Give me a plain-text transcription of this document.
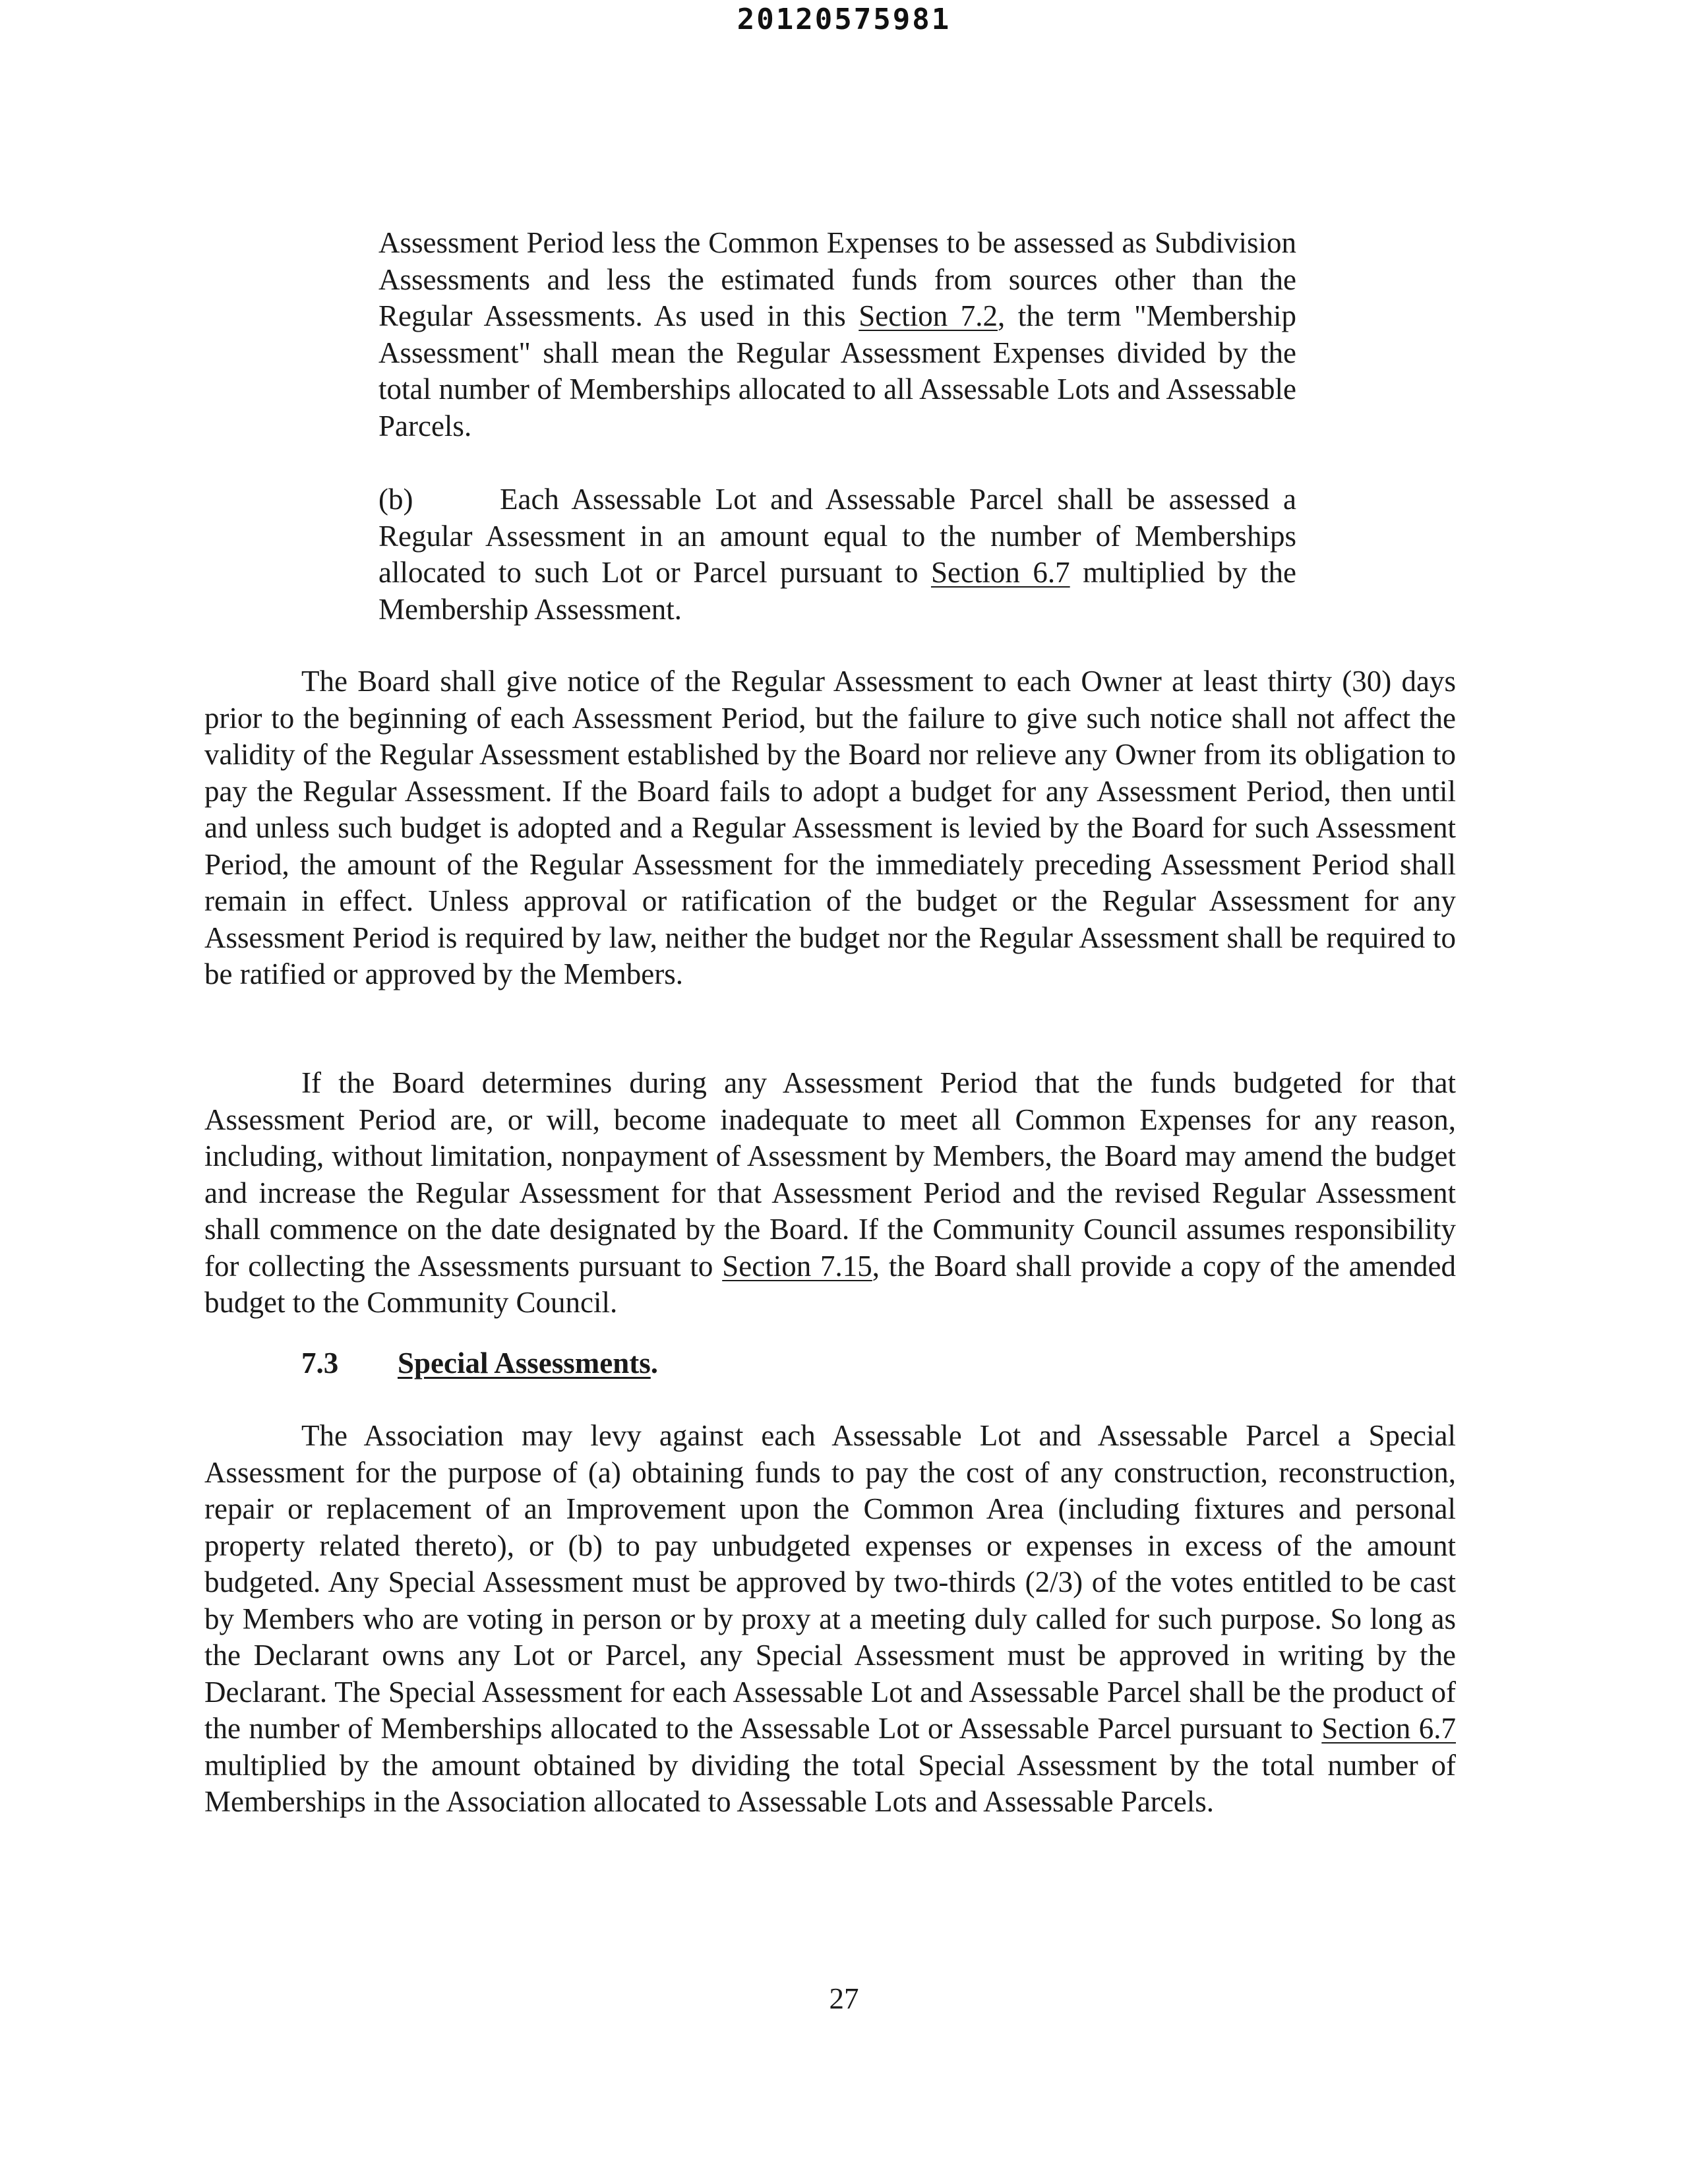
20120575981

Assessment Period less the Common Expenses to be assessed as Subdivision Assessments and less the estimated funds from sources other than the Regular Assessments. As used in this Section 7.2, the term "Membership Assessment" shall mean the Regular Assessment Expenses divided by the total number of Memberships allocated to all Assessable Lots and Assessable Parcels.

(b)	Each Assessable Lot and Assessable Parcel shall be assessed a Regular Assessment in an amount equal to the number of Memberships allocated to such Lot or Parcel pursuant to Section 6.7 multiplied by the Membership Assessment.

The Board shall give notice of the Regular Assessment to each Owner at least thirty (30) days prior to the beginning of each Assessment Period, but the failure to give such notice shall not affect the validity of the Regular Assessment established by the Board nor relieve any Owner from its obligation to pay the Regular Assessment. If the Board fails to adopt a budget for any Assessment Period, then until and unless such budget is adopted and a Regular Assessment is levied by the Board for such Assessment Period, the amount of the Regular Assessment for the immediately preceding Assessment Period shall remain in effect. Unless approval or ratification of the budget or the Regular Assessment for any Assessment Period is required by law, neither the budget nor the Regular Assessment shall be required to be ratified or approved by the Members.

If the Board determines during any Assessment Period that the funds budgeted for that Assessment Period are, or will, become inadequate to meet all Common Expenses for any reason, including, without limitation, nonpayment of Assessment by Members, the Board may amend the budget and increase the Regular Assessment for that Assessment Period and the revised Regular Assessment shall commence on the date designated by the Board. If the Community Council assumes responsibility for collecting the Assessments pursuant to Section 7.15, the Board shall provide a copy of the amended budget to the Community Council.

7.3 Special Assessments.

The Association may levy against each Assessable Lot and Assessable Parcel a Special Assessment for the purpose of (a) obtaining funds to pay the cost of any construction, reconstruction, repair or replacement of an Improvement upon the Common Area (including fixtures and personal property related thereto), or (b) to pay unbudgeted expenses or expenses in excess of the amount budgeted. Any Special Assessment must be approved by two-thirds (2/3) of the votes entitled to be cast by Members who are voting in person or by proxy at a meeting duly called for such purpose. So long as the Declarant owns any Lot or Parcel, any Special Assessment must be approved in writing by the Declarant. The Special Assessment for each Assessable Lot and Assessable Parcel shall be the product of the number of Memberships allocated to the Assessable Lot or Assessable Parcel pursuant to Section 6.7 multiplied by the amount obtained by dividing the total Special Assessment by the total number of Memberships in the Association allocated to Assessable Lots and Assessable Parcels.

27
